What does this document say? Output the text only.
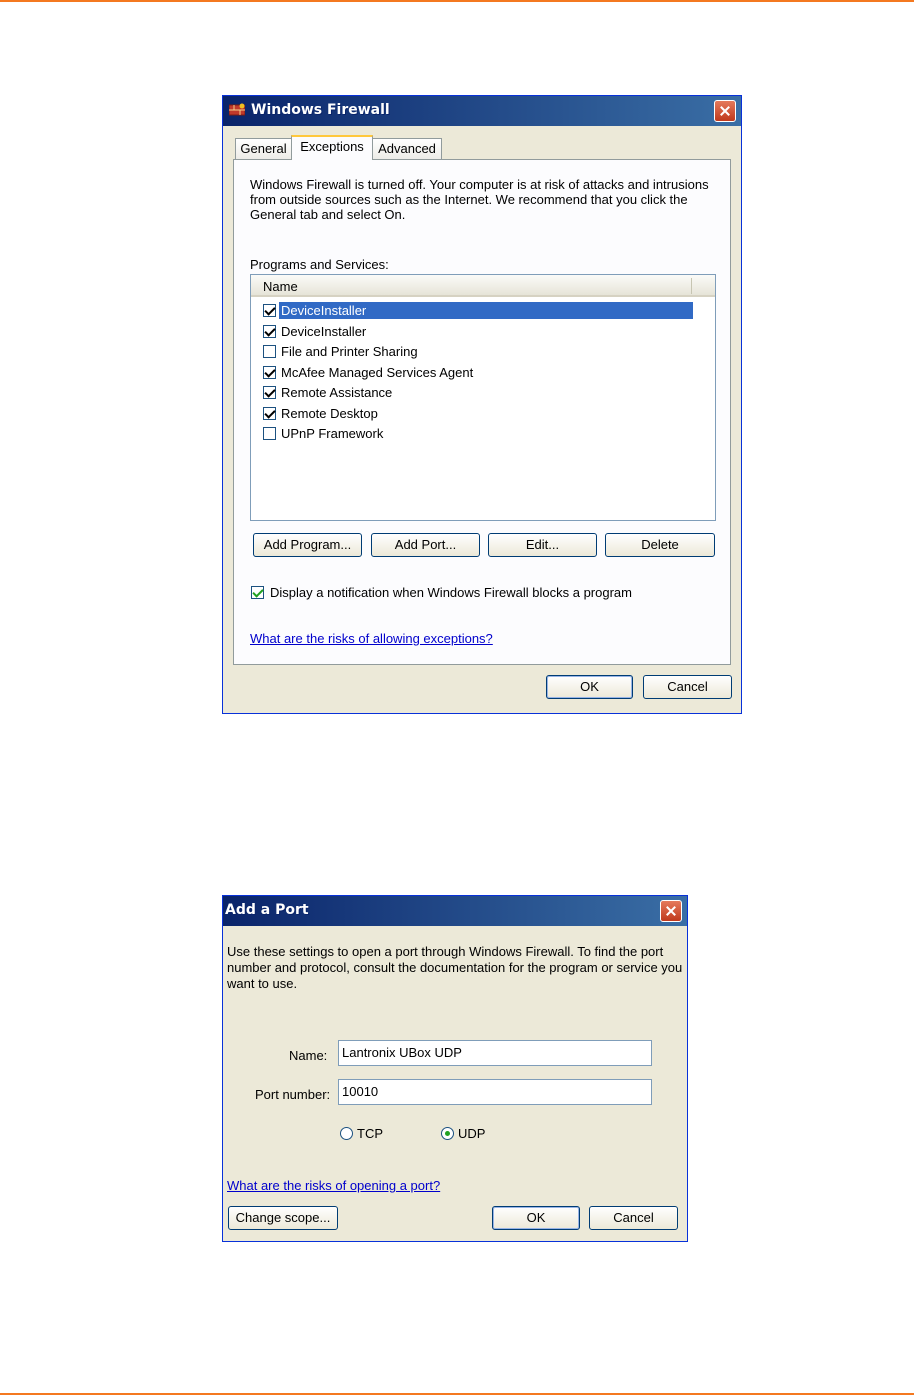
Windows Firewall
General	Exceptions	Advanced
Windows Firewall is turned off. Your computer is at risk of attacks and intrusions
from outside sources such as the Internet. We recommend that you click the
General tab and select On.
Programs and Services:
Name
DeviceInstaller
DeviceInstaller
File and Printer Sharing
McAfee Managed Services Agent
Remote Assistance
Remote Desktop
UPnP Framework
Add Program...	Add Port...	Edit...	Delete
Display a notification when Windows Firewall blocks a program
What are the risks of allowing exceptions?
OK	Cancel
Add a Port
Use these settings to open a port through Windows Firewall. To find the port
number and protocol, consult the documentation for the program or service you
want to use.
Name:	Lantronix UBox UDP
Port number: 10010
TCP	UDP
What are the risks of opening a port?
Change scope...	OK	Cancel
